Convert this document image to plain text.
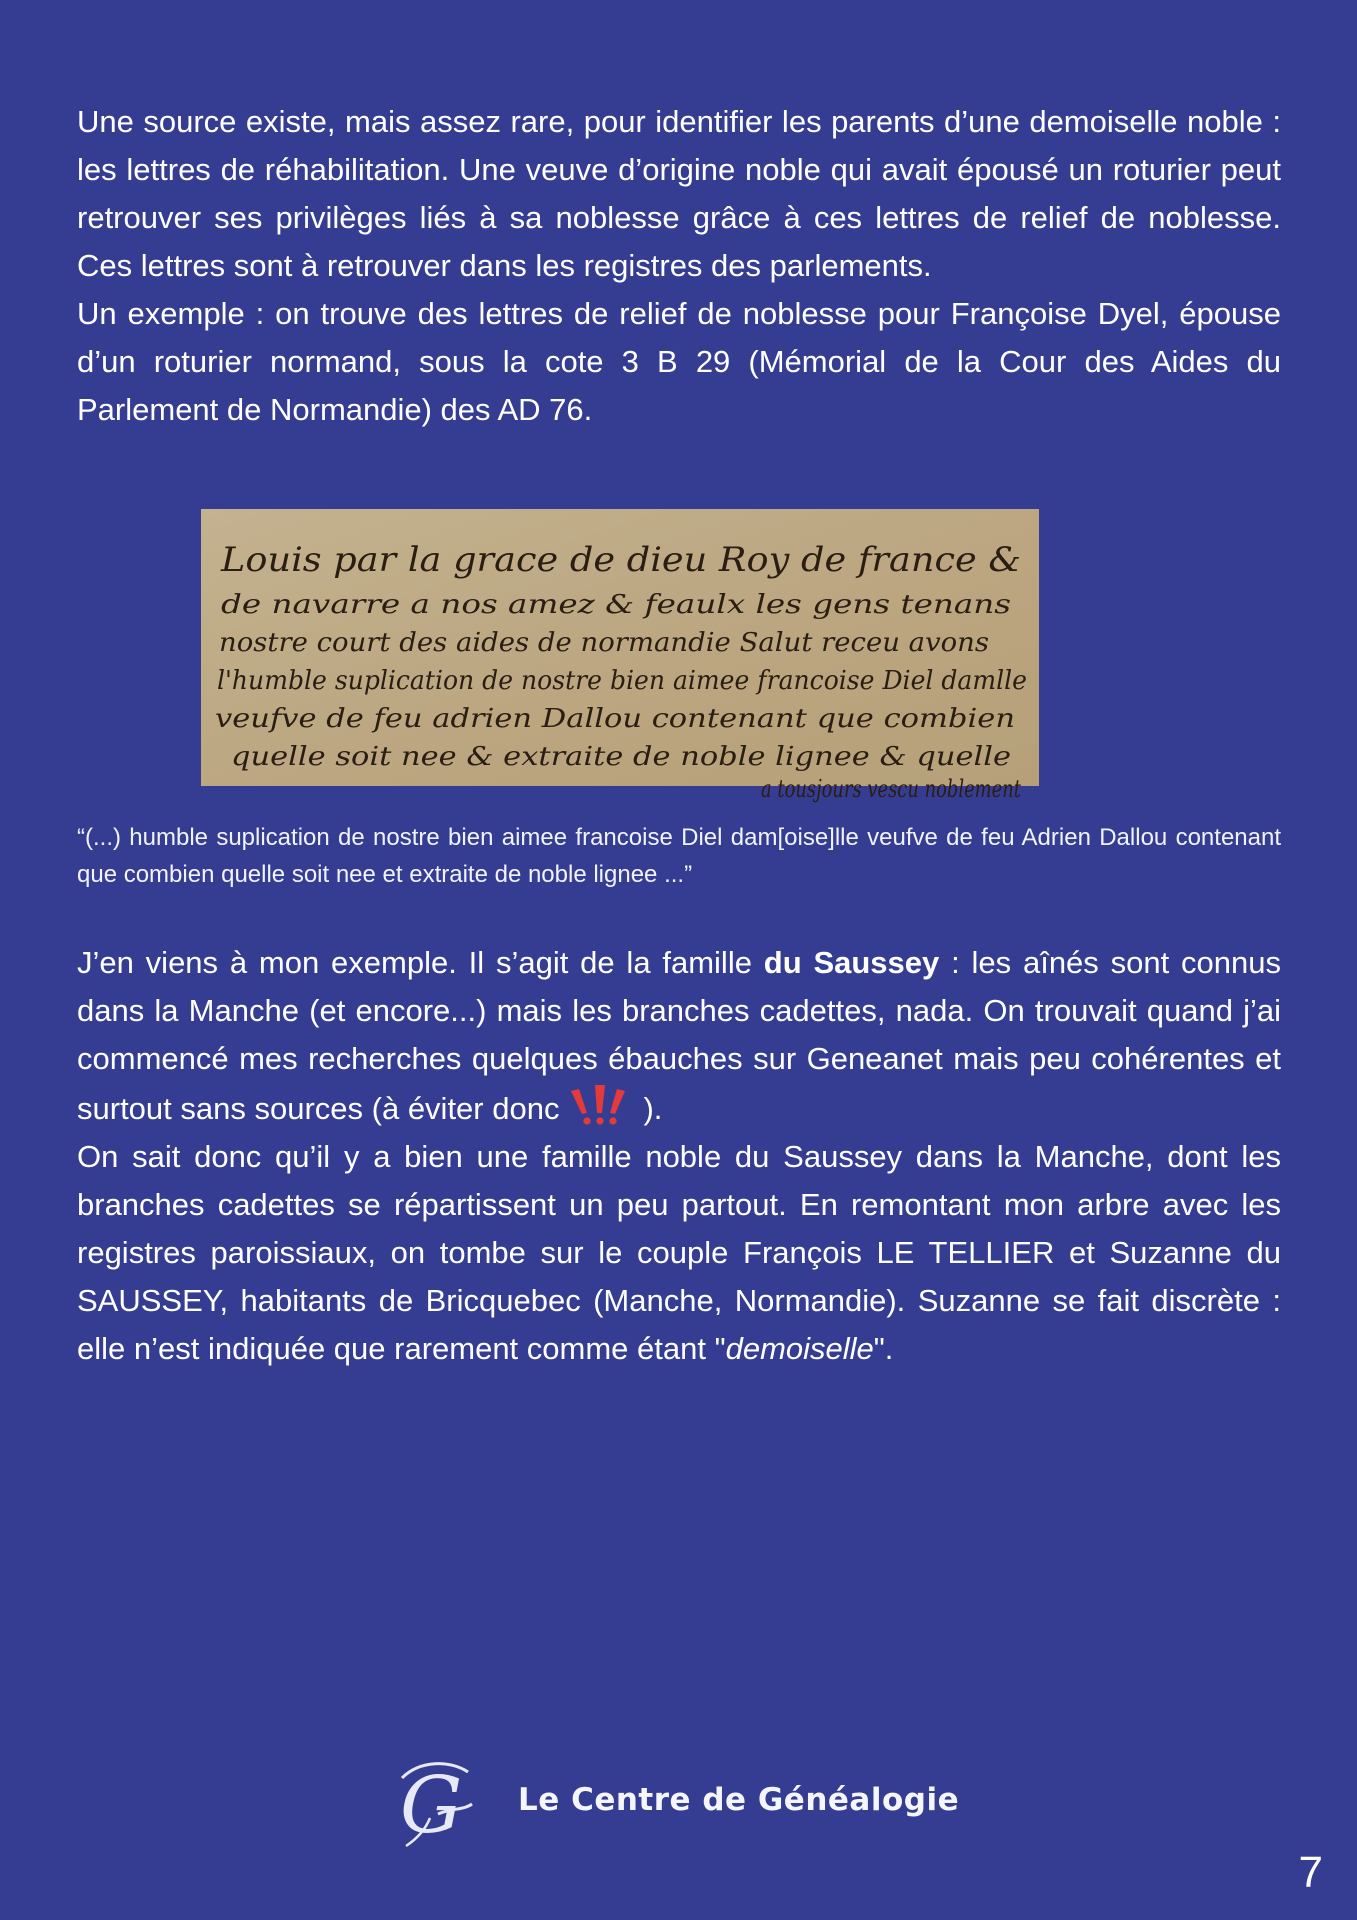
Une source existe, mais assez rare, pour identifier les parents d’une demoiselle noble : les lettres de réhabilitation. Une veuve d’origine noble qui avait épousé un roturier peut retrouver ses privilèges liés à sa noblesse grâce à ces lettres de relief de noblesse. Ces lettres sont à retrouver dans les registres des parlements.

Un exemple : on trouve des lettres de relief de noblesse pour Françoise Dyel, épouse d’un roturier normand, sous la cote 3 B 29 (Mémorial de la Cour des Aides du Parlement de Normandie) des AD 76.

Louis par la grace de dieu Roy de france &
de navarre a nos amez & feaulx les gens tenans
nostre court des aides de normandie Salut receu avons
l'humble suplication de nostre bien aimee francoise Diel damlle
veufve de feu adrien Dallou contenant que combien
quelle soit nee & extraite de noble lignee & quelle
a tousjours vescu noblement

“(...) humble suplication de nostre bien aimee francoise Diel dam[oise]lle veufve de feu Adrien Dallou contenant que combien quelle soit nee et extraite de noble lignee ...”

J’en viens à mon exemple. Il s’agit de la famille du Saussey : les aînés sont connus dans la Manche (et encore...) mais les branches cadettes, nada. On trouvait quand j’ai commencé mes recherches quelques ébauches sur Geneanet mais peu cohérentes et surtout sans sources (à éviter donc	).

On sait donc qu’il y a bien une famille noble du Saussey dans la Manche, dont les branches cadettes se répartissent un peu partout. En remontant mon arbre avec les registres paroissiaux, on tombe sur le couple François LE TELLIER et Suzanne du SAUSSEY, habitants de Bricquebec (Manche, Normandie). Suzanne se fait discrète : elle n’est indiquée que rarement comme étant "demoiselle".

G Le Centre de Généalogie
7
